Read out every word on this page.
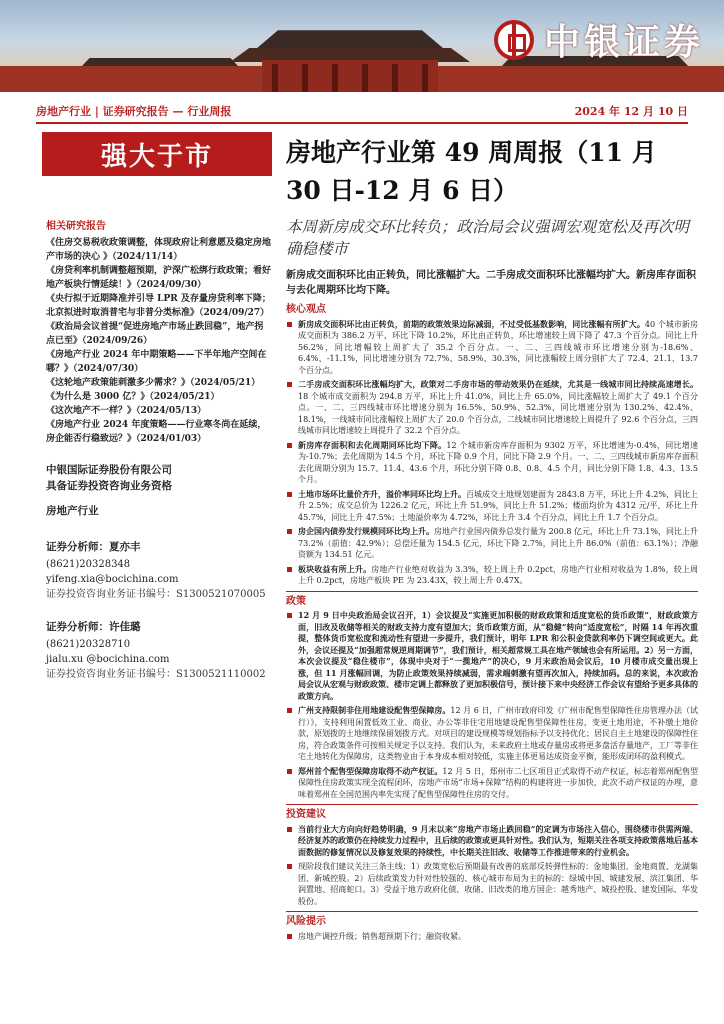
中银证券
房地产行业 | 证券研究报告 — 行业周报	2024 年 12 月 10 日
强大于市
相关研究报告
《住房交易税收政策调整，体现政府让利意愿及稳定房地产市场的决心 》（2024/11/14）
《房贷利率机制调整超预期，沪深广松绑行政政策；看好地产板块行情延续！》（2024/09/30）
《央行拟于近期降准并引导 LPR 及存量房贷利率下降；北京拟进时取消普宅与非普分类标准》（2024/09/27）
《政治局会议首提“促进房地产市场止跌回稳”，地产拐点已至》（2024/09/26）
《房地产行业 2024 年中期策略——下半年地产空间在哪？》（2024/07/30）
《这轮地产政策能刺激多少需求？》（2024/05/21）
《为什么是 3000 亿？》（2024/05/21）
《这次地产不一样？》（2024/05/13）
《房地产行业 2024 年度策略——行业寒冬尚在延续，房企能否行稳致远？》（2024/01/03）
中银国际证券股份有限公司
具备证券投资咨询业务资格
房地产行业
证券分析师：夏亦丰
(8621)20328348
yifeng.xia@bocichina.com
证券投资咨询业务证书编号：S1300521070005
证券分析师：许佳璐
(8621)20328710
jialu.xu @bocichina.com
证券投资咨询业务证书编号：S1300521110002
房地产行业第 49 周周报（11 月 30 日-12 月 6 日）
本周新房成交环比转负；政治局会议强调宏观宽松及再次明确稳楼市
新房成交面积环比由正转负，同比涨幅扩大。二手房成交面积环比涨幅均扩大。新房库存面积与去化周期环比均下降。
核心观点
新房成交面积环比由正转负，前期的政策效果边际减弱，不过受低基数影响，同比涨幅有所扩大。40 个城市新房成交面积为 386.2 万平，环比下降 10.2%，环比由正转负，环比增速较上周下降了 47.3 个百分点。同比上升 56.2%，同比增幅较上周扩大了 35.2 个百分点。一、二、三四线城市环比增速分别为-18.6%、6.4%、-11.1%，同比增速分别为 72.7%、58.9%、30.3%，同比涨幅较上周分别扩大了 72.4、21.1、13.7 个百分点。
二手房成交面积环比涨幅均扩大，政策对二手房市场的带动效果仍在延续，尤其是一线城市同比持续高速增长。18 个城市成交面积为 294.8 万平，环比上升 41.0%，同比上升 65.0%，同比涨幅较上周扩大了 49.1 个百分点。一、二、三四线城市环比增速分别为 16.5%、50.9%、52.3%，同比增速分别为 130.2%、42.4%、18.1%，一线城市同比涨幅较上周扩大了 20.0 个百分点，二线城市同比增速较上周提升了 92.6 个百分点，三四线城市同比增速较上周提升了 32.2 个百分点。
新房库存面积和去化周期同环比均下降。12 个城市新房库存面积为 9302 万平，环比增速为-0.4%，同比增速为-10.7%；去化周期为 14.5 个月，环比下降 0.9 个月，同比下降 2.9 个月。一、二、三四线城市新房库存面积去化周期分别为 15.7、11.4、43.6 个月，环比分别下降 0.8、0.8、4.5 个月，同比分别下降 1.8、4.3、13.5 个月。
土地市场环比量价齐升，溢价率同环比均上升。百城成交土地规划建面为 2843.8 万平，环比上升 4.2%，同比上升 2.5%；成交总价为 1226.2 亿元，环比上升 51.9%，同比上升 51.2%；楼面均价为 4312 元/平，环比上升 45.7%，同比上升 47.5%；土地溢价率为 4.72%，环比上升 3.4 个百分点，同比上升 1.7 个百分点。
房企国内债券发行规模同环比均上升。房地产行业国内债券总发行量为 200.8 亿元，环比上升 73.1%，同比上升 73.2%（前值：42.9%）；总偿还量为 154.5 亿元，环比下降 2.7%，同比上升 86.0%（前值：63.1%）；净融资额为 134.51 亿元。
板块收益有所上升。房地产行业绝对收益为 3.3%，较上周上升 0.2pct，房地产行业相对收益为 1.8%，较上周上升 0.2pct，房地产板块 PE 为 23.43X，较上周上升 0.47X。
政策
12 月 9 日中央政治局会议召开，1）会议提及“实施更加积极的财政政策和适度宽松的货币政策”，财政政策方面，旧改及收储等相关的财政支持力度有望加大；货币政策方面，从“稳健”转向“适度宽松”，时隔 14 年再次重提，整体货币宽松度和流动性有望进一步提升，我们预计，明年 LPR 和公积金贷款利率仍下调空间或更大。此外，会议还提及“加强超常规逆周期调节”，我们预计，相关超常规工具在地产领域也会有所运用。2）另一方面，本次会议提及“稳住楼市”，体现中央对于“一揽地产”的决心，9 月末政治局会议后，10 月楼市成交量出现上涨，但 11 月涨幅回调，为防止政策效果持续减弱，需求端刺激有望再次加入，持续加码。总的来说，本次政治局会议从宏观与财政政策、楼市定调上都释放了更加积极信号，预计接下来中央经济工作会议有望给予更多具体的政策方向。
广州支持限制非住用地建设配售型保障房。12 月 6 日，广州市政府印发《广州市配售型保障性住房管理办法（试行）》，支持利用闲置低效工业、商业、办公等非住宅用地建设配售型保障性住房，变更土地用途，不补缴土地价款，原划拨的土地继续保留划拨方式。对项目的建设规模等规划指标予以支持优化；居民自主土地建设的保障性住房，符合政策条件可按相关规定予以支持。我们认为，未来政府土地或存量房或将更多盘活存量地产，工厂等非住宅土地转化为保障房，这类物业由于本身成本相对较低，实施主体更易达成资金平衡，能形成闭环的盈利模式。
郑州首个配售型保障房取得不动产权证。12 月 5 日，郑州市二七区项目正式取得不动产权证，标志着郑州配售型保障性住房政策实现全流程闭环，房地产市场“市场+保障”结构的构建将进一步加快，此次不动产权证的办理，意味着郑州在全国范围内率先实现了配售型保障性住房的交付。
投资建议
当前行业大方向向好趋势明确，9 月末以来“房地产市场止跌回稳”的定调为市场注入信心，围绕楼市供需两端、经济复苏的政策仍在持续发力过程中，且后续的政策或更具针对性。我们认为，短期关注各项支持政策落地后基本面数据的修复情况以及修复效果的持续性，中长期关注旧改、收储等工作推进带来的行业机会。
现阶段我们建议关注三条主线：1）政策宽松后预期最有改善的底部反转弹性标的：金地集团、金地商置、龙湖集团、新城控股。2）后续政策发力针对性较强的、核心城市布局为主的标的：绿城中国、城建发展、滨江集团、华润置地、招商蛇口。3）受益于地方政府化债、收储、旧改类的地方国企：越秀地产、城投控股、建发国际、华发股份。
风险提示
房地产调控升级；销售超预期下行；融资收紧。
